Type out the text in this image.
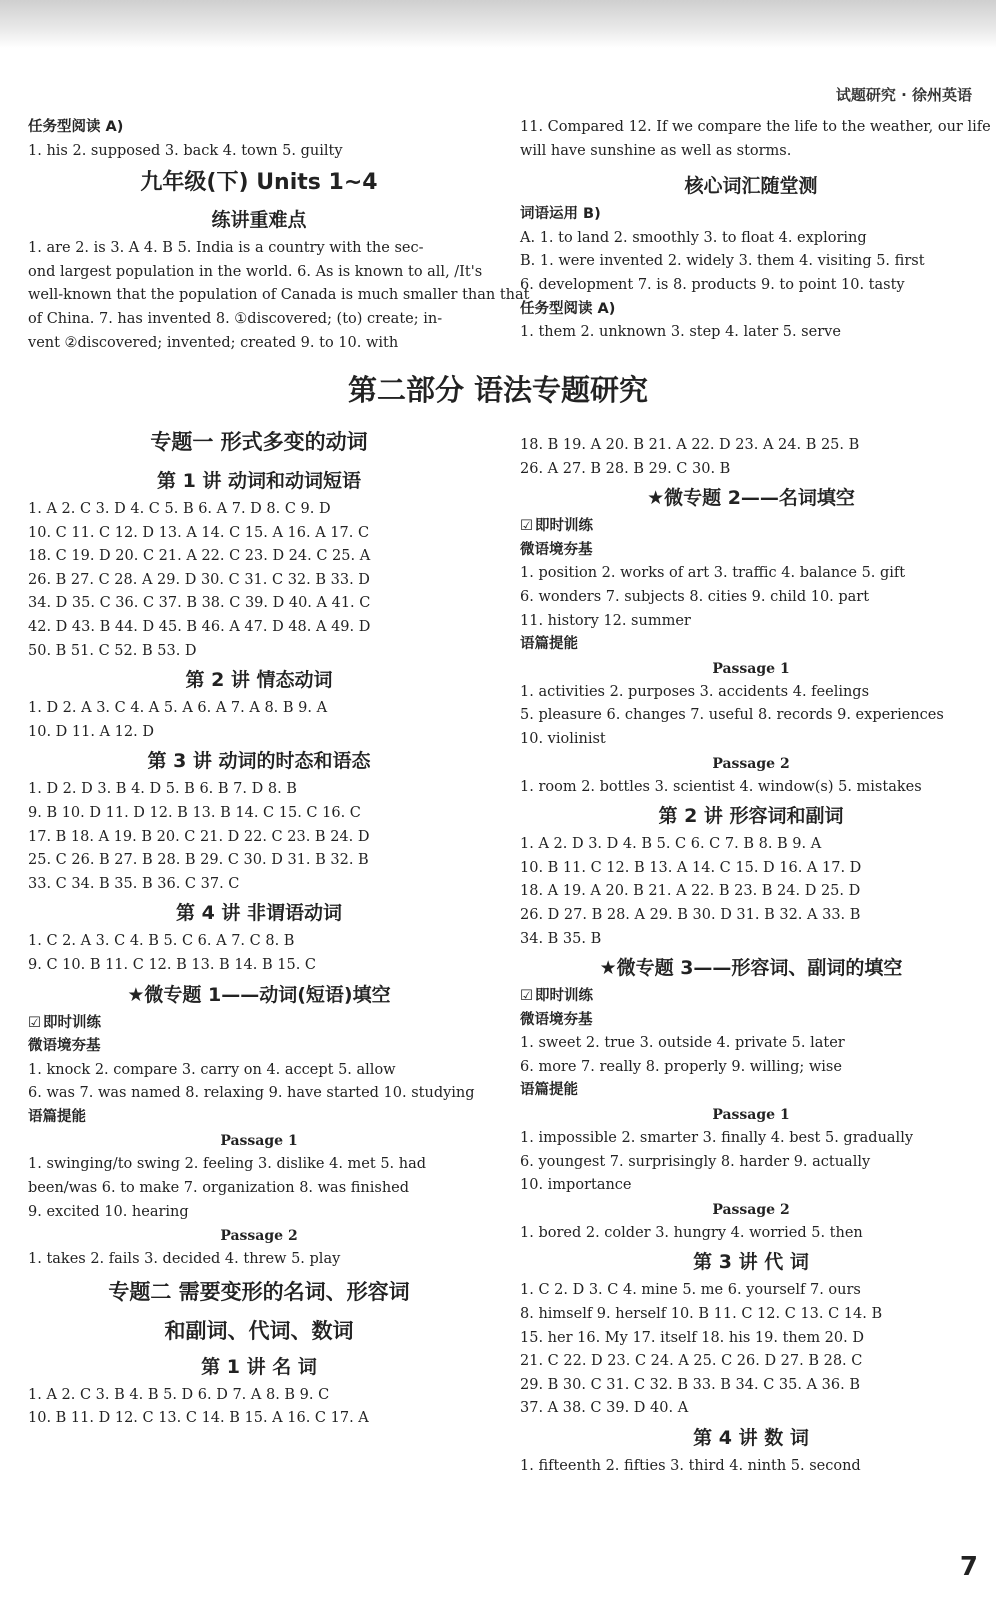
试题研究 · 徐州英语
任务型阅读 A)
1. his 2. supposed 3. back 4. town 5. guilty
九年级(下) Units 1~4
练讲重难点
1. are 2. is 3. A 4. B 5. India is a country with the sec-
ond largest population in the world. 6. As is known to all, /It's
well-known that the population of Canada is much smaller than that
of China. 7. has invented 8. ①discovered; (to) create; in-
vent ②discovered; invented; created 9. to 10. with
11. Compared 12. If we compare the life to the weather, our life
will have sunshine as well as storms.
核心词汇随堂测
词语运用 B)
A. 1. to land 2. smoothly 3. to float 4. exploring
B. 1. were invented 2. widely 3. them 4. visiting 5. first
6. development 7. is 8. products 9. to point 10. tasty
任务型阅读 A)
1. them 2. unknown 3. step 4. later 5. serve
第二部分 语法专题研究
专题一 形式多变的动词
第 1 讲 动词和动词短语
1. A 2. C 3. D 4. C 5. B 6. A 7. D 8. C 9. D
10. C 11. C 12. D 13. A 14. C 15. A 16. A 17. C
18. C 19. D 20. C 21. A 22. C 23. D 24. C 25. A
26. B 27. C 28. A 29. D 30. C 31. C 32. B 33. D
34. D 35. C 36. C 37. B 38. C 39. D 40. A 41. C
42. D 43. B 44. D 45. B 46. A 47. D 48. A 49. D
50. B 51. C 52. B 53. D
第 2 讲 情态动词
1. D 2. A 3. C 4. A 5. A 6. A 7. A 8. B 9. A
10. D 11. A 12. D
第 3 讲 动词的时态和语态
1. D 2. D 3. B 4. D 5. B 6. B 7. D 8. B
9. B 10. D 11. D 12. B 13. B 14. C 15. C 16. C
17. B 18. A 19. B 20. C 21. D 22. C 23. B 24. D
25. C 26. B 27. B 28. B 29. C 30. D 31. B 32. B
33. C 34. B 35. B 36. C 37. C
第 4 讲 非谓语动词
1. C 2. A 3. C 4. B 5. C 6. A 7. C 8. B
9. C 10. B 11. C 12. B 13. B 14. B 15. C
★微专题 1——动词(短语)填空
☑ 即时训练
微语境夯基
1. knock 2. compare 3. carry on 4. accept 5. allow
6. was 7. was named 8. relaxing 9. have started 10. studying
语篇提能
Passage 1
1. swinging/to swing 2. feeling 3. dislike 4. met 5. had
been/was 6. to make 7. organization 8. was finished
9. excited 10. hearing
Passage 2
1. takes 2. fails 3. decided 4. threw 5. play
专题二 需要变形的名词、形容词
和副词、代词、数词
第 1 讲 名 词
1. A 2. C 3. B 4. B 5. D 6. D 7. A 8. B 9. C
10. B 11. D 12. C 13. C 14. B 15. A 16. C 17. A
18. B 19. A 20. B 21. A 22. D 23. A 24. B 25. B
26. A 27. B 28. B 29. C 30. B
★微专题 2——名词填空
☑ 即时训练
微语境夯基
1. position 2. works of art 3. traffic 4. balance 5. gift
6. wonders 7. subjects 8. cities 9. child 10. part
11. history 12. summer
语篇提能
Passage 1
1. activities 2. purposes 3. accidents 4. feelings
5. pleasure 6. changes 7. useful 8. records 9. experiences
10. violinist
Passage 2
1. room 2. bottles 3. scientist 4. window(s) 5. mistakes
第 2 讲 形容词和副词
1. A 2. D 3. D 4. B 5. C 6. C 7. B 8. B 9. A
10. B 11. C 12. B 13. A 14. C 15. D 16. A 17. D
18. A 19. A 20. B 21. A 22. B 23. B 24. D 25. D
26. D 27. B 28. A 29. B 30. D 31. B 32. A 33. B
34. B 35. B
★微专题 3——形容词、副词的填空
☑ 即时训练
微语境夯基
1. sweet 2. true 3. outside 4. private 5. later
6. more 7. really 8. properly 9. willing; wise
语篇提能
Passage 1
1. impossible 2. smarter 3. finally 4. best 5. gradually
6. youngest 7. surprisingly 8. harder 9. actually
10. importance
Passage 2
1. bored 2. colder 3. hungry 4. worried 5. then
第 3 讲 代 词
1. C 2. D 3. C 4. mine 5. me 6. yourself 7. ours
8. himself 9. herself 10. B 11. C 12. C 13. C 14. B
15. her 16. My 17. itself 18. his 19. them 20. D
21. C 22. D 23. C 24. A 25. C 26. D 27. B 28. C
29. B 30. C 31. C 32. B 33. B 34. C 35. A 36. B
37. A 38. C 39. D 40. A
第 4 讲 数 词
1. fifteenth 2. fifties 3. third 4. ninth 5. second
7
